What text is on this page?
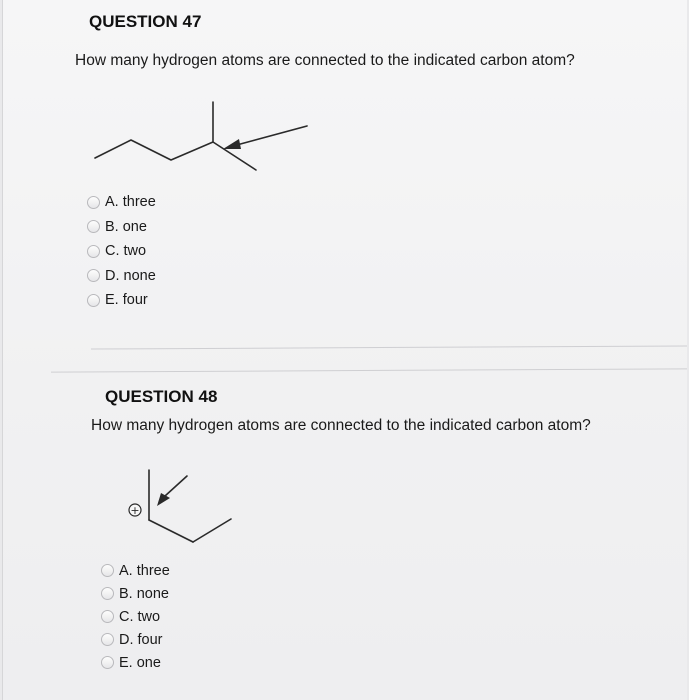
QUESTION 47
How many hydrogen atoms are connected to the indicated carbon atom?
A. three
B. one
C. two
D. none
E. four
QUESTION 48
How many hydrogen atoms are connected to the indicated carbon atom?
+
A. three
B. none
C. two
D. four
E. one
